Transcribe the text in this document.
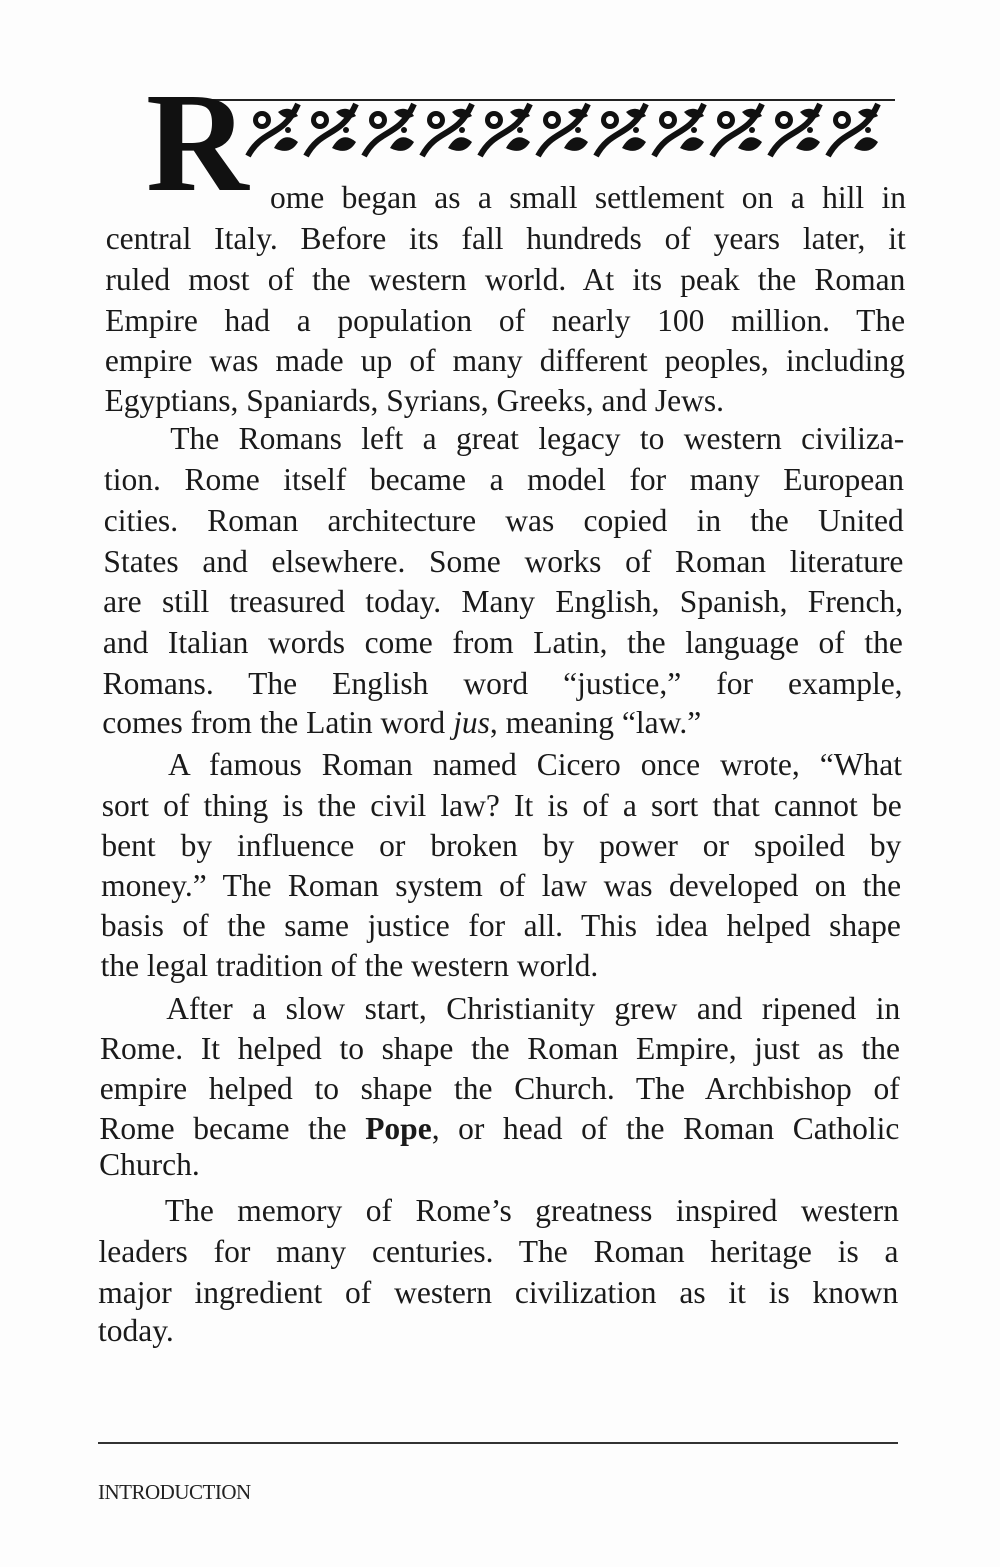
R ome began as a small settlement on a hill in
central Italy. Before its fall hundreds of years later, it
ruled most of the western world. At its peak the Roman
Empire had a population of nearly 100 million. The
empire was made up of many different peoples, including
Egyptians, Spaniards, Syrians, Greeks, and Jews.
The Romans left a great legacy to western civiliza-
tion. Rome itself became a model for many European
cities. Roman architecture was copied in the United
States and elsewhere. Some works of Roman literature
are still treasured today. Many English, Spanish, French,
and Italian words come from Latin, the language of the
Romans. The English word “justice,” for example,
comes from the Latin word jus, meaning “law.”
A famous Roman named Cicero once wrote, “What
sort of thing is the civil law? It is of a sort that cannot be
bent by influence or broken by power or spoiled by
money.” The Roman system of law was developed on the
basis of the same justice for all. This idea helped shape
the legal tradition of the western world.
After a slow start, Christianity grew and ripened in
Rome. It helped to shape the Roman Empire, just as the
empire helped to shape the Church. The Archbishop of
Rome became the Pope, or head of the Roman Catholic
Church.
The memory of Rome’s greatness inspired western
leaders for many centuries. The Roman heritage is a
major ingredient of western civilization as it is known
today.
INTRODUCTION
